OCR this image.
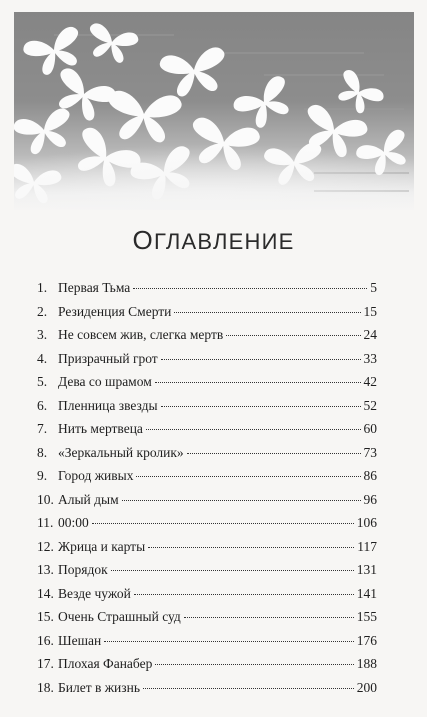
ОГЛАВЛЕНИЕ
1. Первая Тьма	5
2. Резиденция Смерти	15
3. Не совсем жив, слегка мертв	24
4. Призрачный грот	33
5. Дева со шрамом	42
6. Пленница звезды	52
7. Нить мертвеца	60
8. «Зеркальный кролик»	73
9. Город живых	86
10. Алый дым	96
11. 00:00	106
12. Жрица и карты	117
13. Порядок	131
14. Везде чужой	141
15. Очень Страшный суд	155
16. Шешан	176
17. Плохая Фанабер	188
18. Билет в жизнь	200
